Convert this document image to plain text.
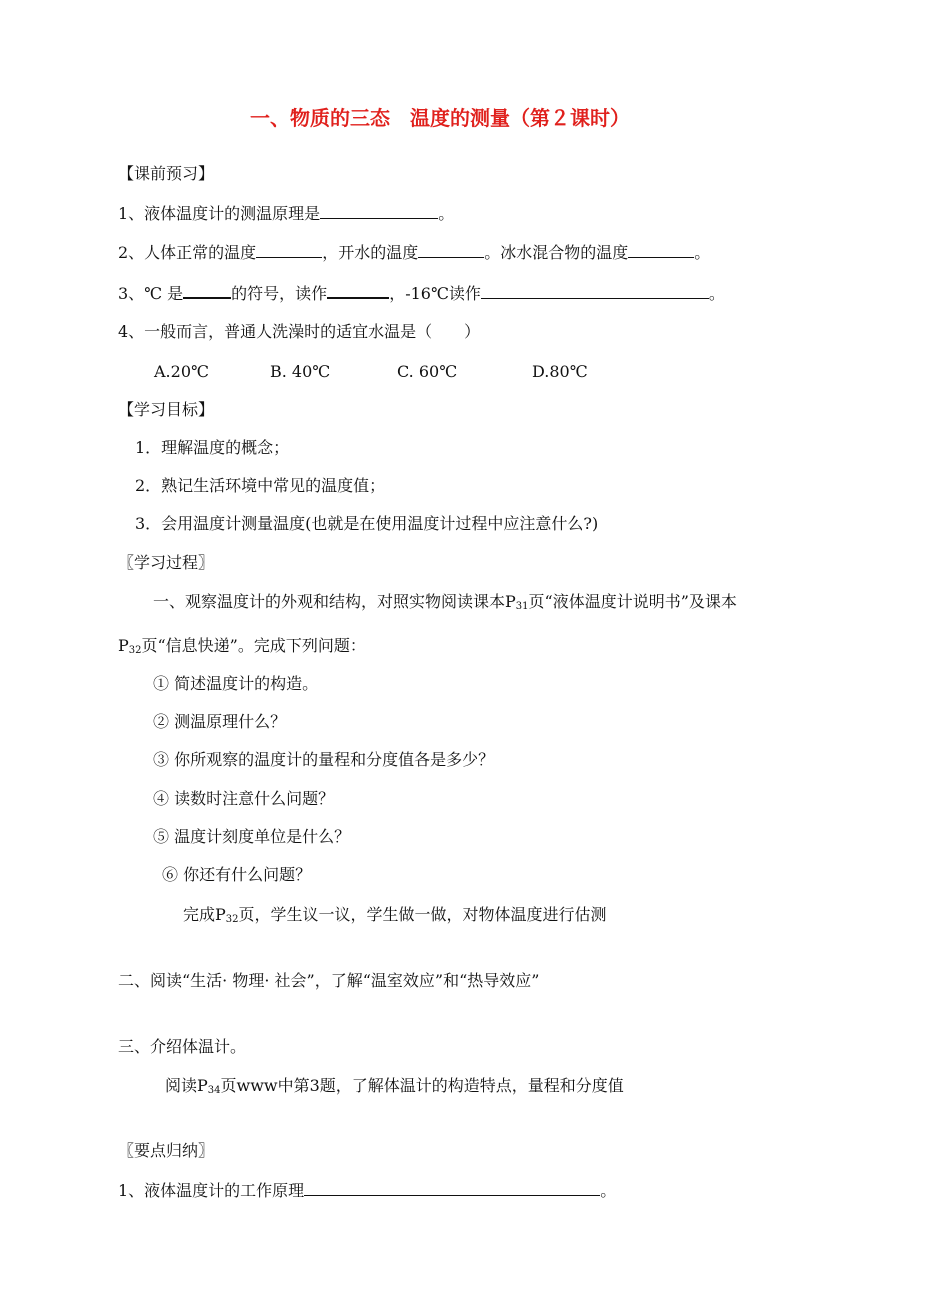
一、物质的三态　温度的测量（第２课时）
【课前预习】
1、液体温度计的测温原理是	。
2、人体正常的温度	，开水的温度	。冰水混合物的温度	。
3、℃ 是	的符号，读作	，-16℃读作	。
4、一般而言，普通人洗澡时的适宜水温是（　　）
A.20℃	B. 40℃	C. 60℃	D.80℃
【学习目标】
1．理解温度的概念；
2．熟记生活环境中常见的温度值；
3．会用温度计测量温度(也就是在使用温度计过程中应注意什么?)
〖学习过程〗
一、观察温度计的外观和结构，对照实物阅读课本$P_{31}$页“液体温度计说明书”及课本
$P_{32}$页“信息快递”。完成下列问题：
① 简述温度计的构造。
② 测温原理什么？
③ 你所观察的温度计的量程和分度值各是多少？
④ 读数时注意什么问题？
⑤ 温度计刻度单位是什么？
⑥ 你还有什么问题？
完成$P_{32}$页，学生议一议，学生做一做，对物体温度进行估测
二、阅读“生活· 物理· 社会”，了解“温室效应”和“热导效应”
三、介绍体温计。
阅读$P_{34}$页www中第3题，了解体温计的构造特点，量程和分度值
〖要点归纳〗
1、液体温度计的工作原理	。
